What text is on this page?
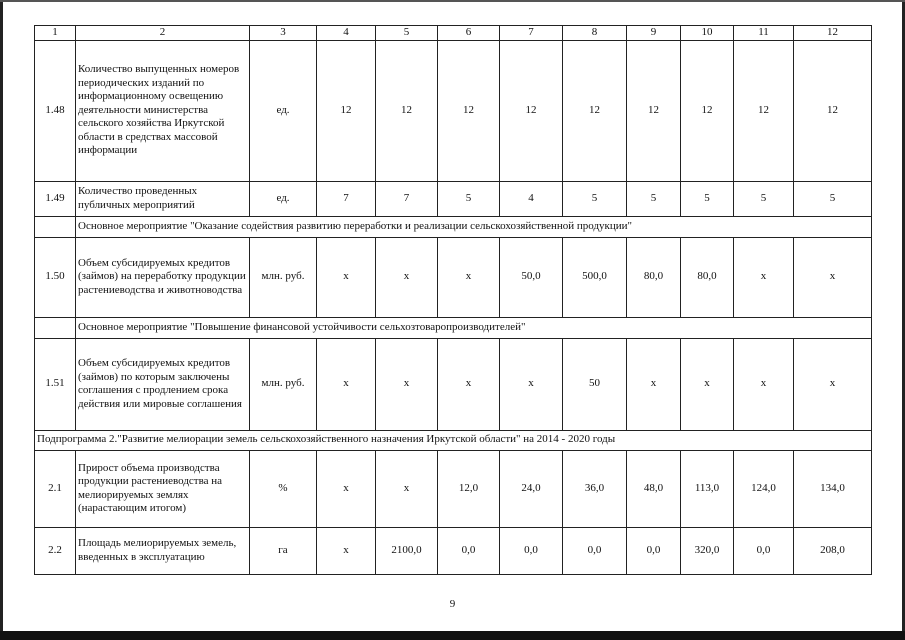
1	2	3	4	5	6	7	8	9	10	11	12
1.48	Количество выпущенных номеров периодических изданий по информационному освещению деятельности министерства сельского хозяйства Иркутской области в средствах массовой информации	ед.	12	12	12	12	12	12	12	12	12
1.49	Количество проведенных публичных мероприятий	ед.	7	7	5	4	5	5	5	5	5
	Основное мероприятие "Оказание содействия развитию переработки и реализации сельскохозяйственной продукции"										
1.50	Объем субсидируемых кредитов (займов) на переработку продукции растениеводства и животноводства	млн. руб.	х	х	х	50,0	500,0	80,0	80,0	х	х
	Основное мероприятие "Повышение финансовой устойчивости сельхозтоваропроизводителей"										
1.51	Объем субсидируемых кредитов (займов) по которым заключены соглашения с продлением срока действия или мировые соглашения	млн. руб.	х	х	х	х	50	х	х	х	х
Подпрограмма 2."Развитие мелиорации земель сельскохозяйственного назначения Иркутской области" на 2014 - 2020 годы											
2.1	Прирост объема производства продукции растениеводства на мелиорируемых землях (нарастающим итогом)	%	х	х	12,0	24,0	36,0	48,0	113,0	124,0	134,0
2.2	Площадь мелиорируемых земель, введенных в эксплуатацию	га	х	2100,0	0,0	0,0	0,0	0,0	320,0	0,0	208,0
9
